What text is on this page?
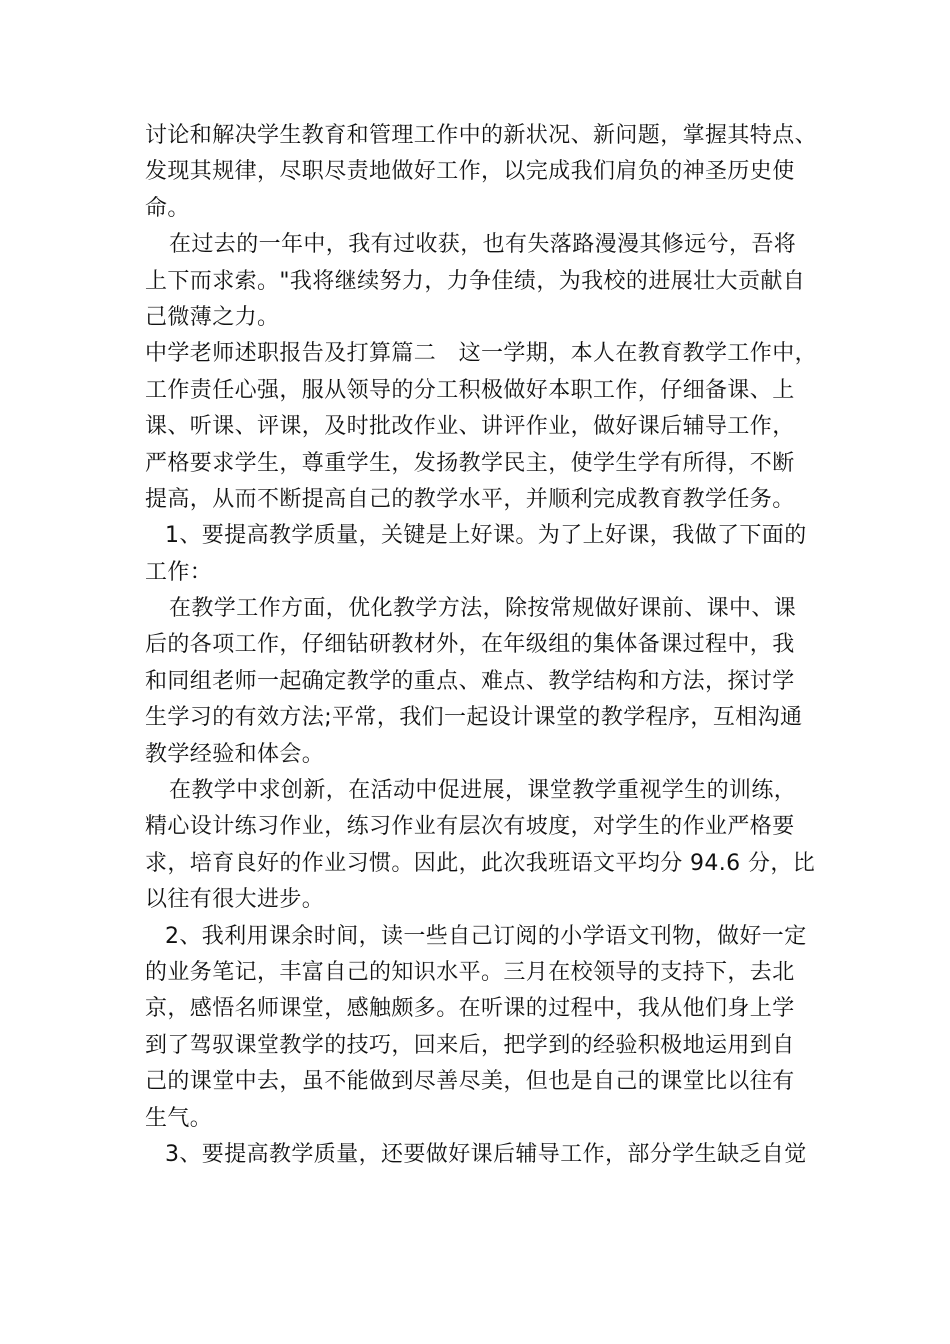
讨论和解决学生教育和管理工作中的新状况、新问题，掌握其特点、
发现其规律，尽职尽责地做好工作，以完成我们肩负的神圣历史使
命。
在过去的一年中，我有过收获，也有失落路漫漫其修远兮，吾将
上下而求索。"我将继续努力，力争佳绩，为我校的进展壮大贡献自
己微薄之力。
中学老师述职报告及打算篇二　这一学期，本人在教育教学工作中，
工作责任心强，服从领导的分工积极做好本职工作，仔细备课、上
课、听课、评课，及时批改作业、讲评作业，做好课后辅导工作，
严格要求学生，尊重学生，发扬教学民主，使学生学有所得，不断
提高，从而不断提高自己的教学水平，并顺利完成教育教学任务。
1、要提高教学质量，关键是上好课。为了上好课，我做了下面的
工作：
在教学工作方面，优化教学方法，除按常规做好课前、课中、课
后的各项工作，仔细钻研教材外，在年级组的集体备课过程中，我
和同组老师一起确定教学的重点、难点、教学结构和方法，探讨学
生学习的有效方法;平常，我们一起设计课堂的教学程序，互相沟通
教学经验和体会。
在教学中求创新，在活动中促进展，课堂教学重视学生的训练，
精心设计练习作业，练习作业有层次有坡度，对学生的作业严格要
求，培育良好的作业习惯。因此，此次我班语文平均分 94.6 分，比
以往有很大进步。
2、我利用课余时间，读一些自己订阅的小学语文刊物，做好一定
的业务笔记，丰富自己的知识水平。三月在校领导的支持下，去北
京，感悟名师课堂，感触颇多。在听课的过程中，我从他们身上学
到了驾驭课堂教学的技巧，回来后，把学到的经验积极地运用到自
己的课堂中去，虽不能做到尽善尽美，但也是自己的课堂比以往有
生气。
3、要提高教学质量，还要做好课后辅导工作，部分学生缺乏自觉
